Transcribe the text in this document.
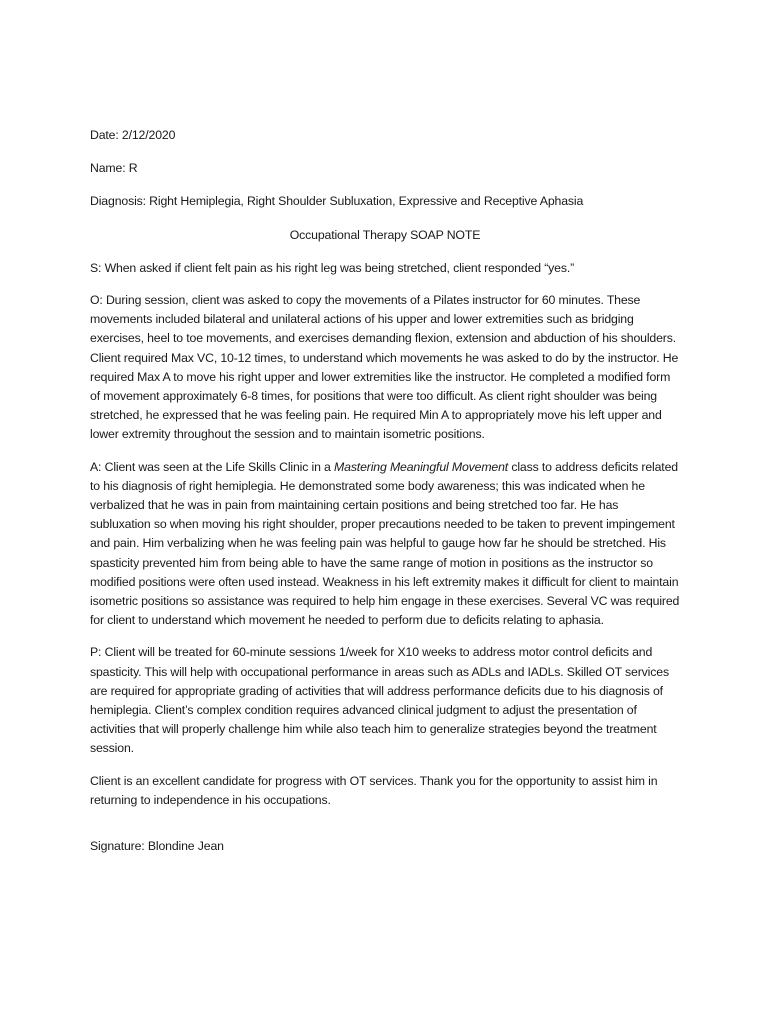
Date: 2/12/2020

Name: R

Diagnosis: Right Hemiplegia, Right Shoulder Subluxation, Expressive and Receptive Aphasia

Occupational Therapy SOAP NOTE

S: When asked if client felt pain as his right leg was being stretched, client responded “yes.”

O: During session, client was asked to copy the movements of a Pilates instructor for 60 minutes. These movements included bilateral and unilateral actions of his upper and lower extremities such as bridging exercises, heel to toe movements, and exercises demanding flexion, extension and abduction of his shoulders. Client required Max VC, 10-12 times, to understand which movements he was asked to do by the instructor. He required Max A to move his right upper and lower extremities like the instructor. He completed a modified form of movement approximately 6-8 times, for positions that were too difficult. As client right shoulder was being stretched, he expressed that he was feeling pain. He required Min A to appropriately move his left upper and lower extremity throughout the session and to maintain isometric positions.

A: Client was seen at the Life Skills Clinic in a Mastering Meaningful Movement class to address deficits related to his diagnosis of right hemiplegia. He demonstrated some body awareness; this was indicated when he verbalized that he was in pain from maintaining certain positions and being stretched too far. He has subluxation so when moving his right shoulder, proper precautions needed to be taken to prevent impingement and pain. Him verbalizing when he was feeling pain was helpful to gauge how far he should be stretched. His spasticity prevented him from being able to have the same range of motion in positions as the instructor so modified positions were often used instead. Weakness in his left extremity makes it difficult for client to maintain isometric positions so assistance was required to help him engage in these exercises. Several VC was required for client to understand which movement he needed to perform due to deficits relating to aphasia.

P: Client will be treated for 60-minute sessions 1/week for X10 weeks to address motor control deficits and spasticity. This will help with occupational performance in areas such as ADLs and IADLs. Skilled OT services are required for appropriate grading of activities that will address performance deficits due to his diagnosis of hemiplegia. Client’s complex condition requires advanced clinical judgment to adjust the presentation of activities that will properly challenge him while also teach him to generalize strategies beyond the treatment session.

Client is an excellent candidate for progress with OT services. Thank you for the opportunity to assist him in returning to independence in his occupations.

Signature: Blondine Jean
